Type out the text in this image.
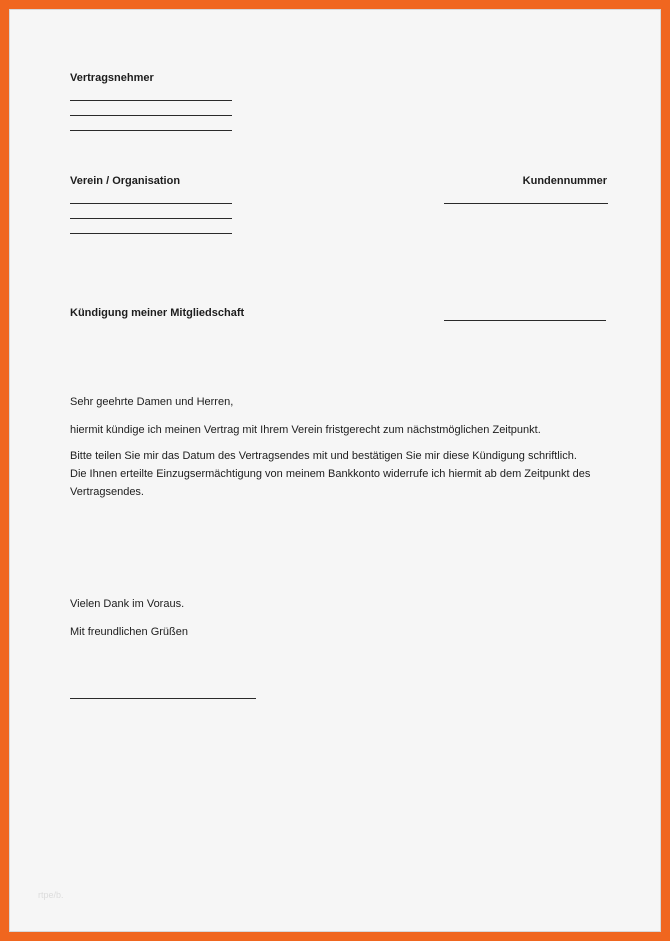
Vertragsnehmer
Verein / Organisation	Kundennummer
Kündigung meiner Mitgliedschaft
Sehr geehrte Damen und Herren,
hiermit kündige ich meinen Vertrag mit Ihrem Verein fristgerecht zum nächstmöglichen Zeitpunkt.
Bitte teilen Sie mir das Datum des Vertragsendes mit und bestätigen Sie mir diese Kündigung schriftlich.
Die Ihnen erteilte Einzugsermächtigung von meinem Bankkonto widerrufe ich hiermit ab dem Zeitpunkt des
Vertragsendes.
Vielen Dank im Voraus.
Mit freundlichen Grüßen
rtpe/b.
